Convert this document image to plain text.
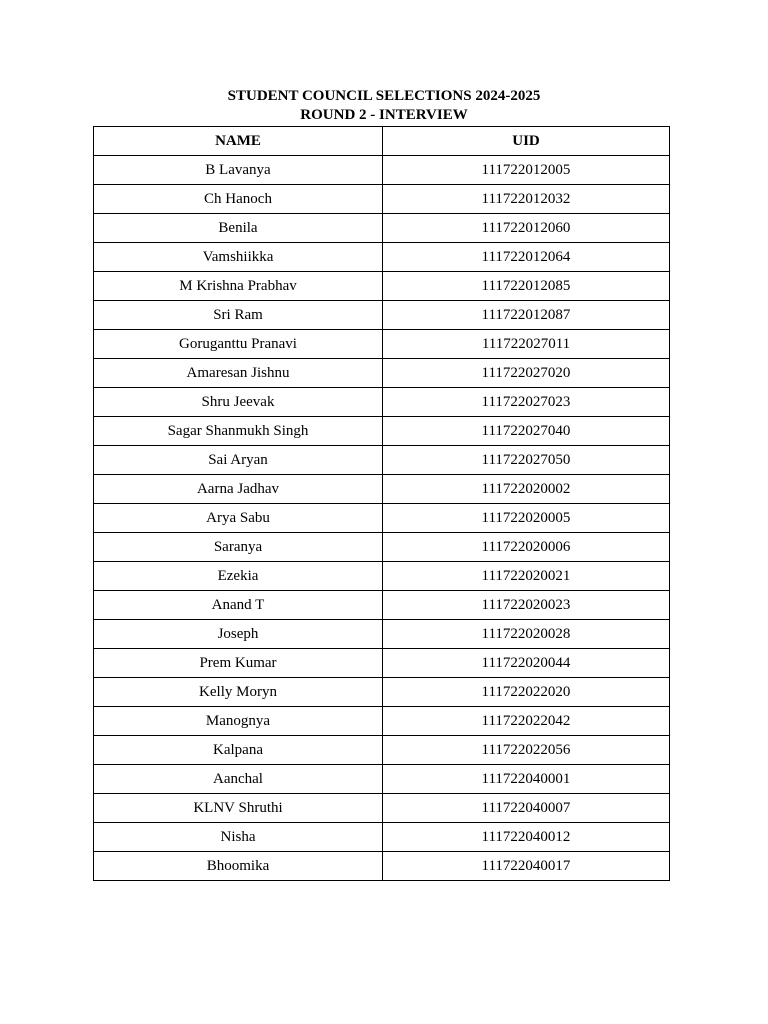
STUDENT COUNCIL SELECTIONS 2024-2025
ROUND 2 - INTERVIEW
NAME	UID
B Lavanya	111722012005
Ch Hanoch	111722012032
Benila	111722012060
Vamshiikka	111722012064
M Krishna Prabhav	111722012085
Sri Ram	111722012087
Goruganttu Pranavi	111722027011
Amaresan Jishnu	111722027020
Shru Jeevak	111722027023
Sagar Shanmukh Singh	111722027040
Sai Aryan	111722027050
Aarna Jadhav	111722020002
Arya Sabu	111722020005
Saranya	111722020006
Ezekia	111722020021
Anand T	111722020023
Joseph	111722020028
Prem Kumar	111722020044
Kelly Moryn	111722022020
Manognya	111722022042
Kalpana	111722022056
Aanchal	111722040001
KLNV Shruthi	111722040007
Nisha	111722040012
Bhoomika	111722040017
